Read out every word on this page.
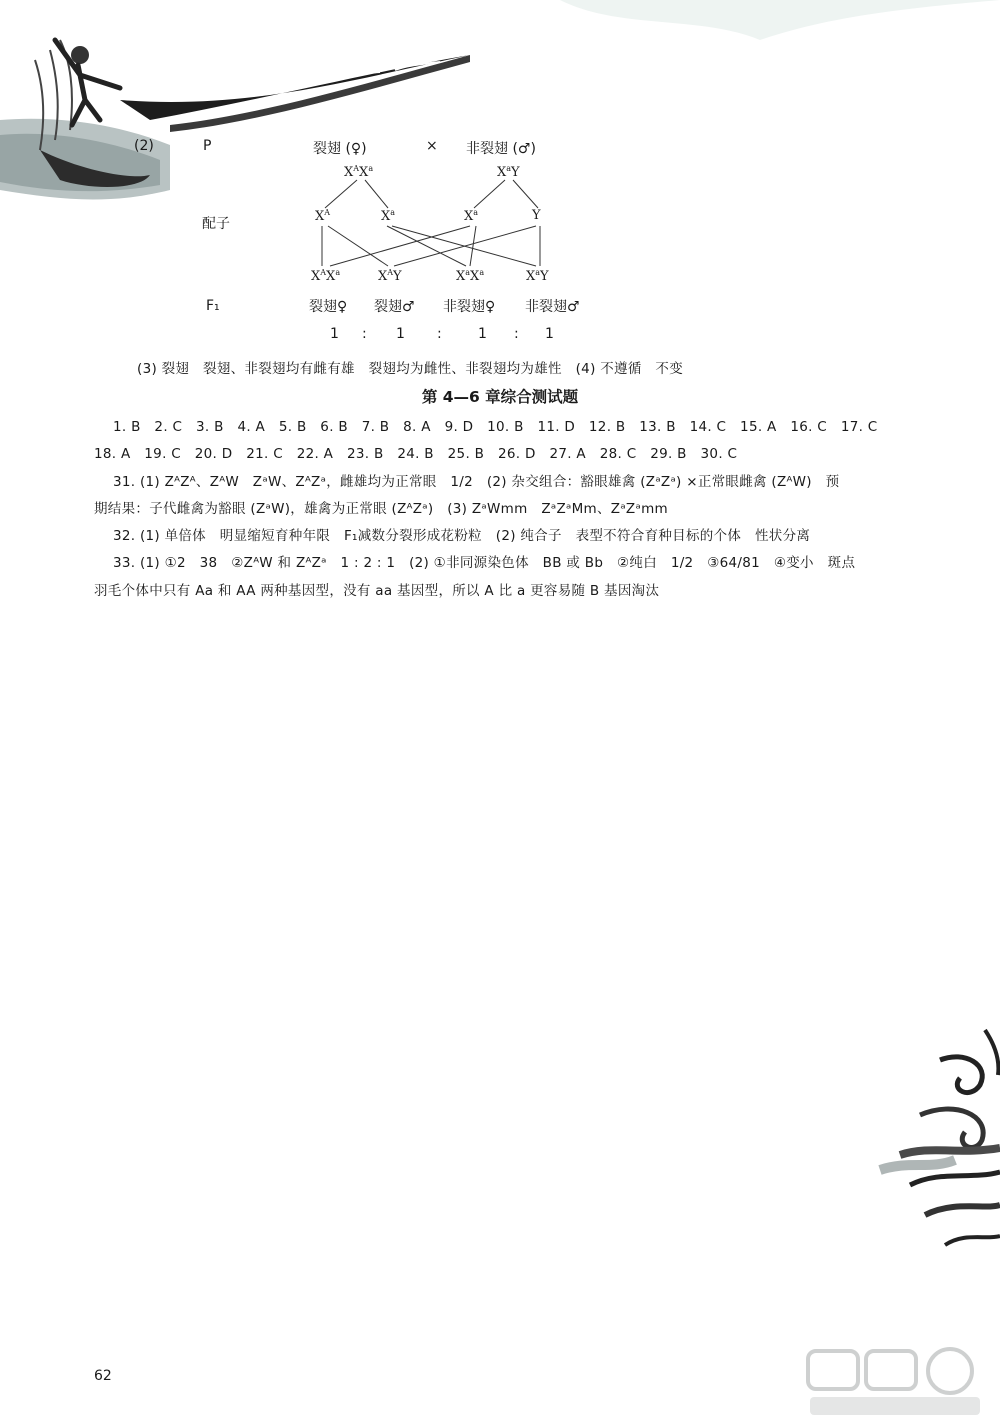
(2)	P	裂翅 (♀)	× 非裂翅 (♂)
$X^AX^a$	$X^aY$
配子	$X^A$	$X^a$	$X^a$	Y
$X^AX^a$	$X^AY$	$X^aX^a$	$X^aY$
F₁	裂翅♀ 裂翅♂ 非裂翅♀ 非裂翅♂
1 : 1 :	1 : 1
(3) 裂翅　裂翅、非裂翅均有雌有雄　裂翅均为雌性、非裂翅均为雄性　(4) 不遵循　不变
第 4—6 章综合测试题
1. B　2. C　3. B　4. A　5. B　6. B　7. B　8. A　9. D　10. B　11. D　12. B　13. B　14. C　15. A　16. C　17. C
18. A　19. C　20. D　21. C　22. A　23. B　24. B　25. B　26. D　27. A　28. C　29. B　30. C
31. (1) ZᴬZᴬ、ZᴬW　ZᵃW、ZᴬZᵃ，雌雄均为正常眼　1/2　(2) 杂交组合：豁眼雄禽 (ZᵃZᵃ) ×正常眼雌禽 (ZᴬW)　预
期结果：子代雌禽为豁眼 (ZᵃW)，雄禽为正常眼 (ZᴬZᵃ)　(3) ZᵃWmm　ZᵃZᵃMm、ZᵃZᵃmm
32. (1) 单倍体　明显缩短育种年限　F₁减数分裂形成花粉粒　(2) 纯合子　表型不符合育种目标的个体　性状分离
33. (1) ①2　38　②ZᴬW 和 ZᴬZᵃ　1 : 2 : 1　(2) ①非同源染色体　BB 或 Bb　②纯白　1/2　③64/81　④变小　斑点
羽毛个体中只有 Aa 和 AA 两种基因型，没有 aa 基因型，所以 A 比 a 更容易随 B 基因淘汰
62
